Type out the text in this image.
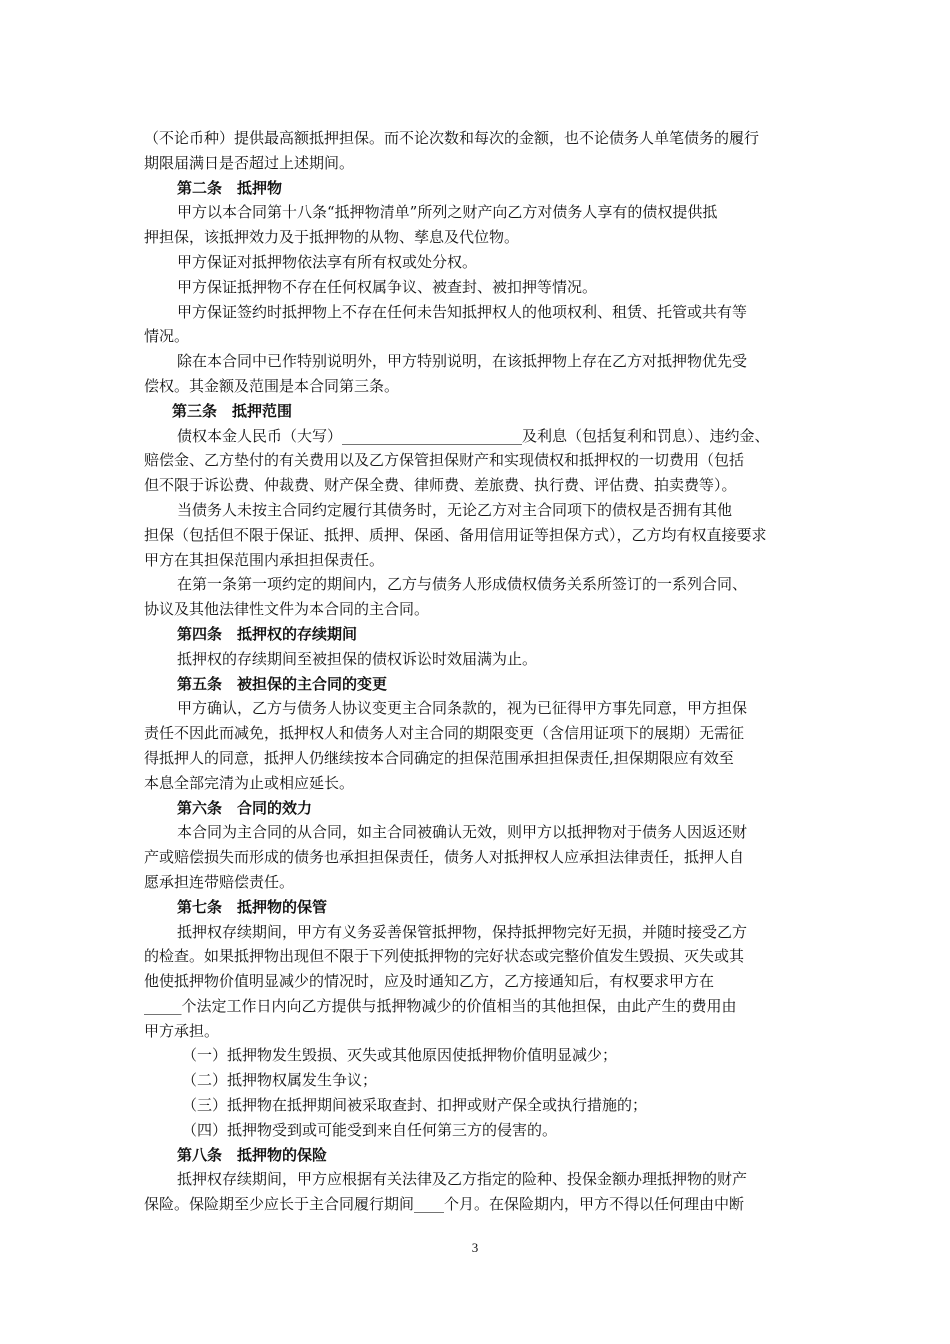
（不论币种）提供最高额抵押担保。而不论次数和每次的金额，也不论债务人单笔债务的履行
期限届满日是否超过上述期间。
第二条　抵押物
甲方以本合同第十八条“抵押物清单”所列之财产向乙方对债务人享有的债权提供抵
押担保，该抵押效力及于抵押物的从物、孳息及代位物。
甲方保证对抵押物依法享有所有权或处分权。
甲方保证抵押物不存在任何权属争议、被查封、被扣押等情况。
甲方保证签约时抵押物上不存在任何未告知抵押权人的他项权利、租赁、托管或共有等
情况。
除在本合同中已作特别说明外，甲方特别说明，在该抵押物上存在乙方对抵押物优先受
偿权。其金额及范围是本合同第三条。
第三条　抵押范围
债权本金人民币（大写）________________________及利息（包括复利和罚息）、违约金、
赔偿金、乙方垫付的有关费用以及乙方保管担保财产和实现债权和抵押权的一切费用（包括
但不限于诉讼费、仲裁费、财产保全费、律师费、差旅费、执行费、评估费、拍卖费等）。
当债务人未按主合同约定履行其债务时，无论乙方对主合同项下的债权是否拥有其他
担保（包括但不限于保证、抵押、质押、保函、备用信用证等担保方式），乙方均有权直接要求
甲方在其担保范围内承担担保责任。
在第一条第一项约定的期间内，乙方与债务人形成债权债务关系所签订的一系列合同、
协议及其他法律性文件为本合同的主合同。
第四条　抵押权的存续期间
抵押权的存续期间至被担保的债权诉讼时效届满为止。
第五条　被担保的主合同的变更
甲方确认，乙方与债务人协议变更主合同条款的，视为已征得甲方事先同意，甲方担保
责任不因此而减免，抵押权人和债务人对主合同的期限变更（含信用证项下的展期）无需征
得抵押人的同意，抵押人仍继续按本合同确定的担保范围承担担保责任,担保期限应有效至
本息全部完清为止或相应延长。
第六条　合同的效力
本合同为主合同的从合同，如主合同被确认无效，则甲方以抵押物对于债务人因返还财
产或赔偿损失而形成的债务也承担担保责任，债务人对抵押权人应承担法律责任，抵押人自
愿承担连带赔偿责任。
第七条　抵押物的保管
抵押权存续期间，甲方有义务妥善保管抵押物，保持抵押物完好无损，并随时接受乙方
的检查。如果抵押物出现但不限于下列使抵押物的完好状态或完整价值发生毁损、灭失或其
他使抵押物价值明显减少的情况时，应及时通知乙方，乙方接通知后，有权要求甲方在
_____个法定工作日内向乙方提供与抵押物减少的价值相当的其他担保，由此产生的费用由
甲方承担。
（一）抵押物发生毁损、灭失或其他原因使抵押物价值明显减少；
（二）抵押物权属发生争议；
（三）抵押物在抵押期间被采取查封、扣押或财产保全或执行措施的；
（四）抵押物受到或可能受到来自任何第三方的侵害的。
第八条　抵押物的保险
抵押权存续期间，甲方应根据有关法律及乙方指定的险种、投保金额办理抵押物的财产
保险。保险期至少应长于主合同履行期间____个月。在保险期内，甲方不得以任何理由中断
3
